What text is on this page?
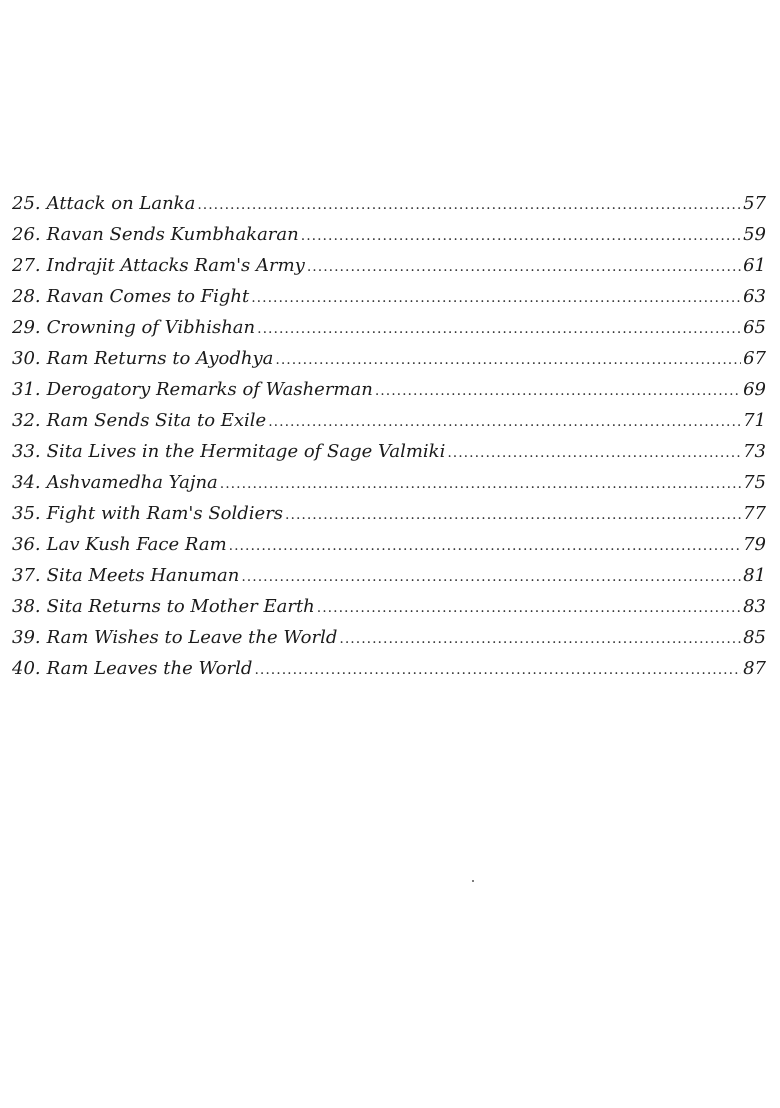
25. Attack on Lanka .....	57
26. Ravan Sends Kumbhakaran .....	59
27. Indrajit Attacks Ram's Army .....	61
28. Ravan Comes to Fight .....	63
29. Crowning of Vibhishan .....	65
30. Ram Returns to Ayodhya .....	67
31. Derogatory Remarks of Washerman .....	69
32. Ram Sends Sita to Exile .....	71
33. Sita Lives in the Hermitage of Sage Valmiki .....	73
34. Ashvamedha Yajna .....	75
35. Fight with Ram's Soldiers .....	77
36. Lav Kush Face Ram .....	79
37. Sita Meets Hanuman .....	81
38. Sita Returns to Mother Earth .....	83
39. Ram Wishes to Leave the World .....	85
40. Ram Leaves the World .....	87
